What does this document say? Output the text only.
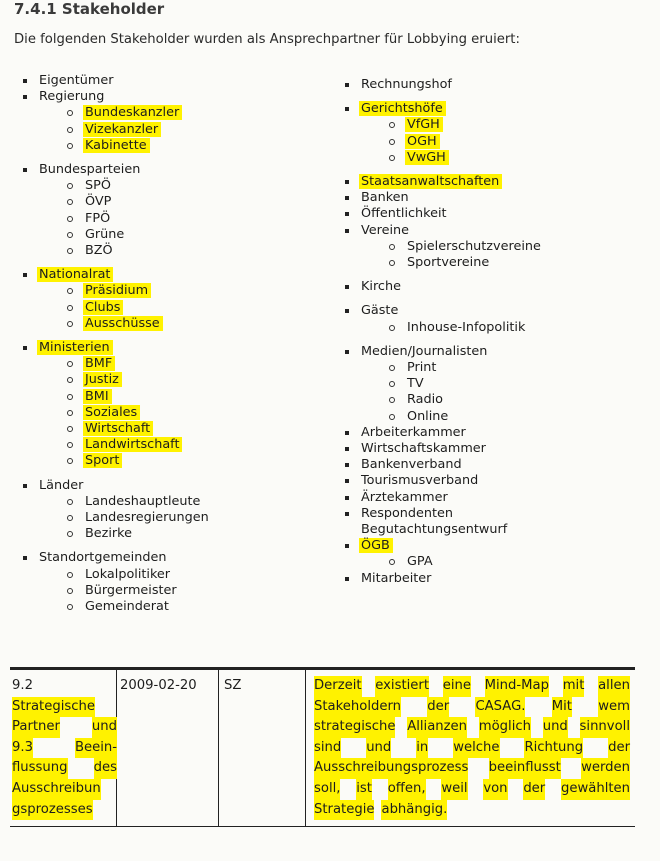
7.4.1 Stakeholder
Die folgenden Stakeholder wurden als Ansprechpartner für Lobbying eruiert:
Eigentümer
Regierung
Bundeskanzler
Vizekanzler
Kabinette
Bundesparteien
SPÖ
ÖVP
FPÖ
Grüne
BZÖ
Nationalrat
Präsidium
Clubs
Ausschüsse
Ministerien
BMF
Justiz
BMI
Soziales
Wirtschaft
Landwirtschaft
Sport
Länder
Landeshauptleute
Landesregierungen
Bezirke
Standortgemeinden
Lokalpolitiker
Bürgermeister
Gemeinderat
Rechnungshof
Gerichtshöfe
VfGH
OGH
VwGH
Staatsanwaltschaften
Banken
Öffentlichkeit
Vereine
Spielerschutzvereine
Sportvereine
Kirche
Gäste
Inhouse-Infopolitik
Medien/Journalisten
Print
TV
Radio
Online
Arbeiterkammer
Wirtschaftskammer
Bankenverband
Tourismusverband
Ärztekammer
Respondenten
Begutachtungsentwurf
ÖGB
GPA
Mitarbeiter
9.2
Strategische
Partner und
9.3	Beein-
flussung des
Ausschreibun
gsprozesses
2009-02-20 SZ	Derzeit existiert eine Mind-Map mit allen
Stakeholdern der CASAG. Mit wem
strategische Allianzen möglich und sinnvoll
sind und in welche Richtung der
Ausschreibungsprozess beeinflusst werden
soll, ist offen, weil von der gewählten
Strategie abhängig.
